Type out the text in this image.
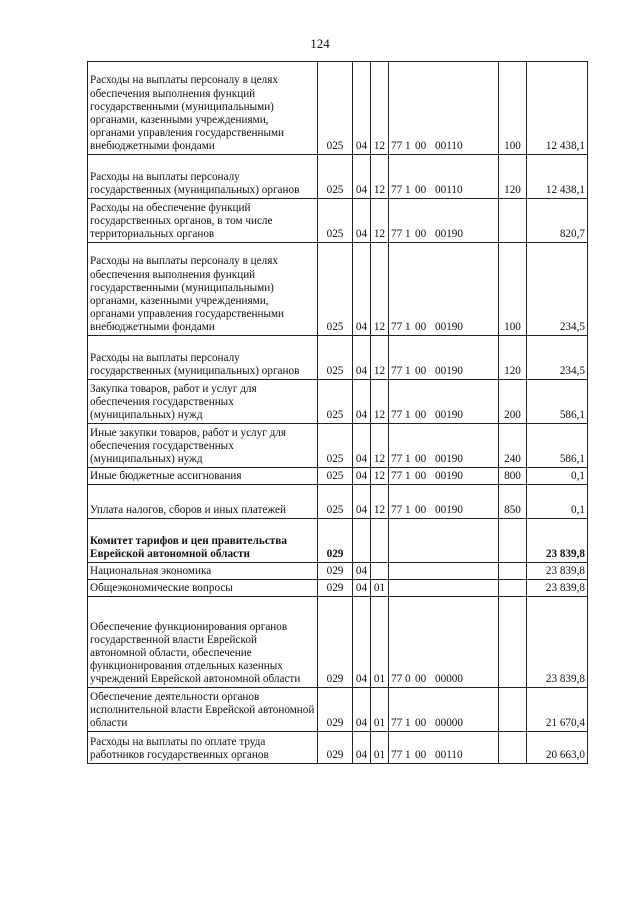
124
Расходы на выплаты персоналу в целях обеспечения выполнения функций государственными (муниципальными) органами, казенными учреждениями, органами управления государственными внебюджетными фондами	025	04	12	77 1 00 00110	100	12 438,1
Расходы на выплаты персоналу государственных (муниципальных) органов	025	04	12	77 1 00 00110	120	12 438,1
Расходы на обеспечение функций государственных органов, в том числе территориальных органов	025	04	12	77 1 00 00190		820,7
Расходы на выплаты персоналу в целях обеспечения выполнения функций государственными (муниципальными) органами, казенными учреждениями, органами управления государственными внебюджетными фондами	025	04	12	77 1 00 00190	100	234,5
Расходы на выплаты персоналу государственных (муниципальных) органов	025	04	12	77 1 00 00190	120	234,5
Закупка товаров, работ и услуг для обеспечения государственных (муниципальных) нужд	025	04	12	77 1 00 00190	200	586,1
Иные закупки товаров, работ и услуг для обеспечения государственных (муниципальных) нужд	025	04	12	77 1 00 00190	240	586,1
Иные бюджетные ассигнования	025	04	12	77 1 00 00190	800	0,1
Уплата налогов, сборов и иных платежей	025	04	12	77 1 00 00190	850	0,1
Комитет тарифов и цен правительства Еврейской автономной области	029					23 839,8
Национальная экономика	029	04				23 839,8
Общеэкономические вопросы	029	04	01			23 839,8
Обеспечение функционирования органов государственной власти Еврейской автономной области, обеспечение функционирования отдельных казенных учреждений Еврейской автономной области	029	04	01	77 0 00 00000		23 839,8
Обеспечение деятельности органов исполнительной власти Еврейской автономной области	029	04	01	77 1 00 00000		21 670,4
Расходы на выплаты по оплате труда работников государственных органов	029	04	01	77 1 00 00110		20 663,0
